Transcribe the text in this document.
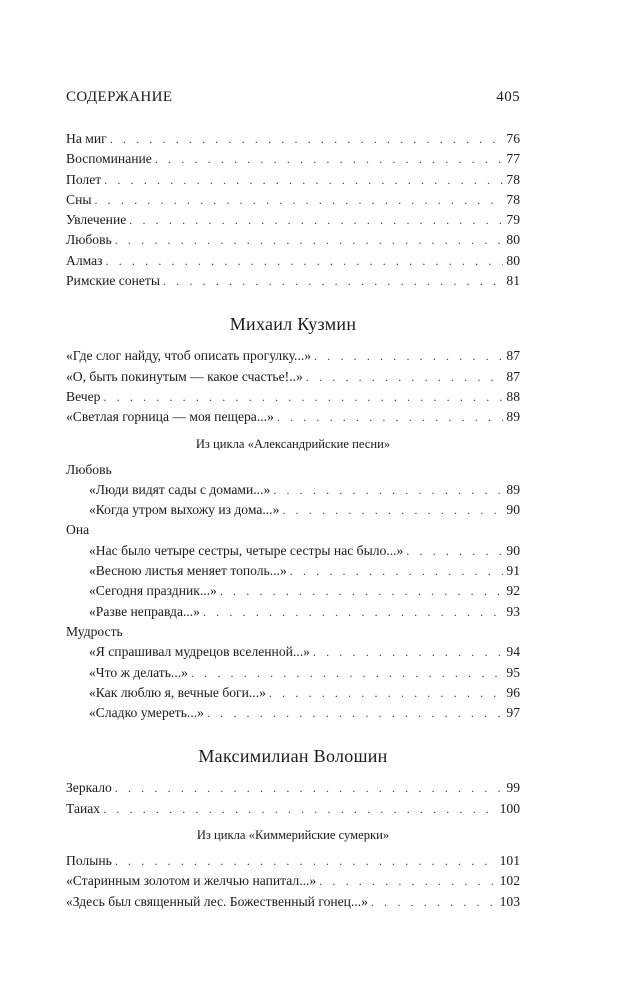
СОДЕРЖАНИЕ	405
На миг . . .	76
Воспоминание . . .	77
Полет . . .	78
Сны . . .	78
Увлечение . . .	79
Любовь . . .	80
Алмаз . . .	80
Римские сонеты . . .	81
Михаил Кузмин
«Где слог найду, чтоб описать прогулку...» . . .	87
«О, быть покинутым — какое счастье!..» . . .	87
Вечер . . .	88
«Светлая горница — моя пещера...» . . .	89
Из цикла «Александрийские песни»
Любовь
«Люди видят сады с домами...» . . .	89
«Когда утром выхожу из дома...» . . .	90
Она
«Нас было четыре сестры, четыре сестры нас было...» . . .	90
«Весною листья меняет тополь...» . . .	91
«Сегодня праздник...» . . .	92
«Разве неправда...» . . .	93
Мудрость
«Я спрашивал мудрецов вселенной...» . . .	94
«Что ж делать...» . . .	95
«Как люблю я, вечные боги...» . . .	96
«Сладко умереть...» . . .	97
Максимилиан Волошин
Зеркало . . .	99
Таиах . . .	100
Из цикла «Киммерийские сумерки»
Полынь . . .	101
«Старинным золотом и желчью напитал...» . . .	102
«Здесь был священный лес. Божественный гонец...» . . .	103
